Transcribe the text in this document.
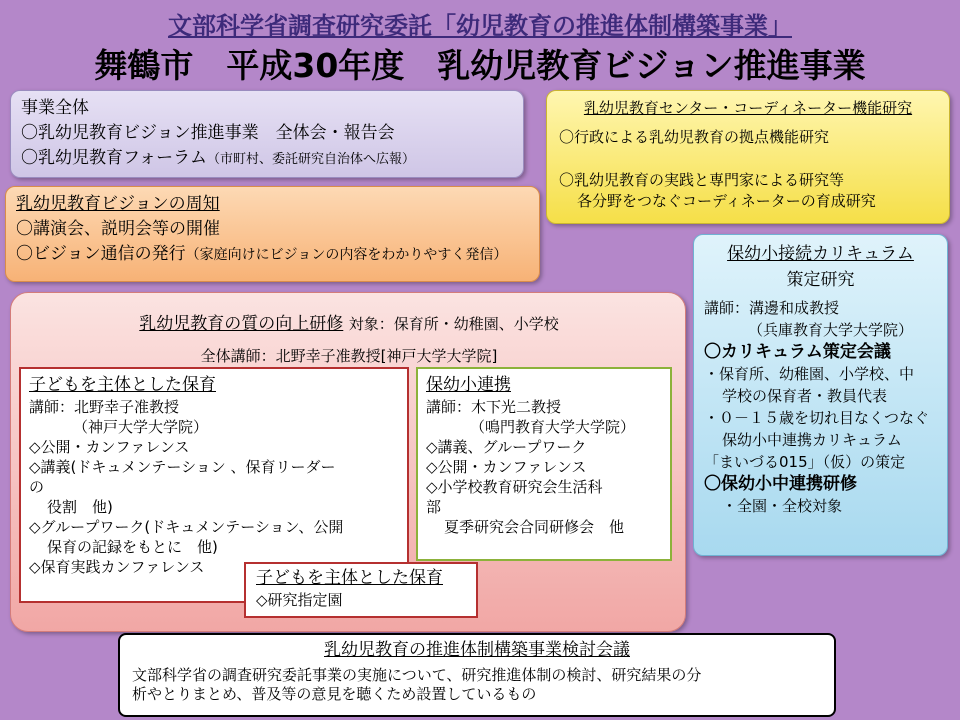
文部科学省調査研究委託「幼児教育の推進体制構築事業」
舞鶴市　平成30年度　乳幼児教育ビジョン推進事業
事業全体
〇乳幼児教育ビジョン推進事業　全体会・報告会
〇乳幼児教育フォーラム（市町村、委託研究自治体へ広報）
乳幼児教育ビジョンの周知
〇講演会、説明会等の開催
〇ビジョン通信の発行（家庭向けにビジョンの内容をわかりやすく発信）
乳幼児教育センター・コーディネーター機能研究
〇行政による乳幼児教育の拠点機能研究
〇乳幼児教育の実践と専門家による研究等
各分野をつなぐコーディネーターの育成研究
保幼小接続カリキュラム
策定研究
講師：溝邊和成教授
（兵庫教育大学大学院）
〇カリキュラム策定会議
・保育所、幼稚園、小学校、中
学校の保育者・教員代表
・０－１５歳を切れ目なくつなぐ
保幼小中連携カリキュラム
「まいづる015」（仮）の策定
〇保幼小中連携研修
・全園・全校対象
乳幼児教育の質の向上研修 対象：保育所・幼稚園、小学校
全体講師：北野幸子准教授[神戸大学大学院]
子どもを主体とした保育
講師：北野幸子准教授
（神戸大学大学院）
◇公開・カンファレンス
◇講義(ドキュメンテーション 、保育リーダー
の
役割　他)
◇グループワーク(ドキュメンテーション、公開
保育の記録をもとに　他)
◇保育実践カンファレンス
保幼小連携
講師：木下光二教授
（鳴門教育大学大学院）
◇講義、グループワーク
◇公開・カンファレンス
◇小学校教育研究会生活科
部
夏季研究会合同研修会　他
子どもを主体とした保育
◇研究指定園
乳幼児教育の推進体制構築事業検討会議
文部科学省の調査研究委託事業の実施について、研究推進体制の検討、研究結果の分
析やとりまとめ、普及等の意見を聴くため設置しているもの
